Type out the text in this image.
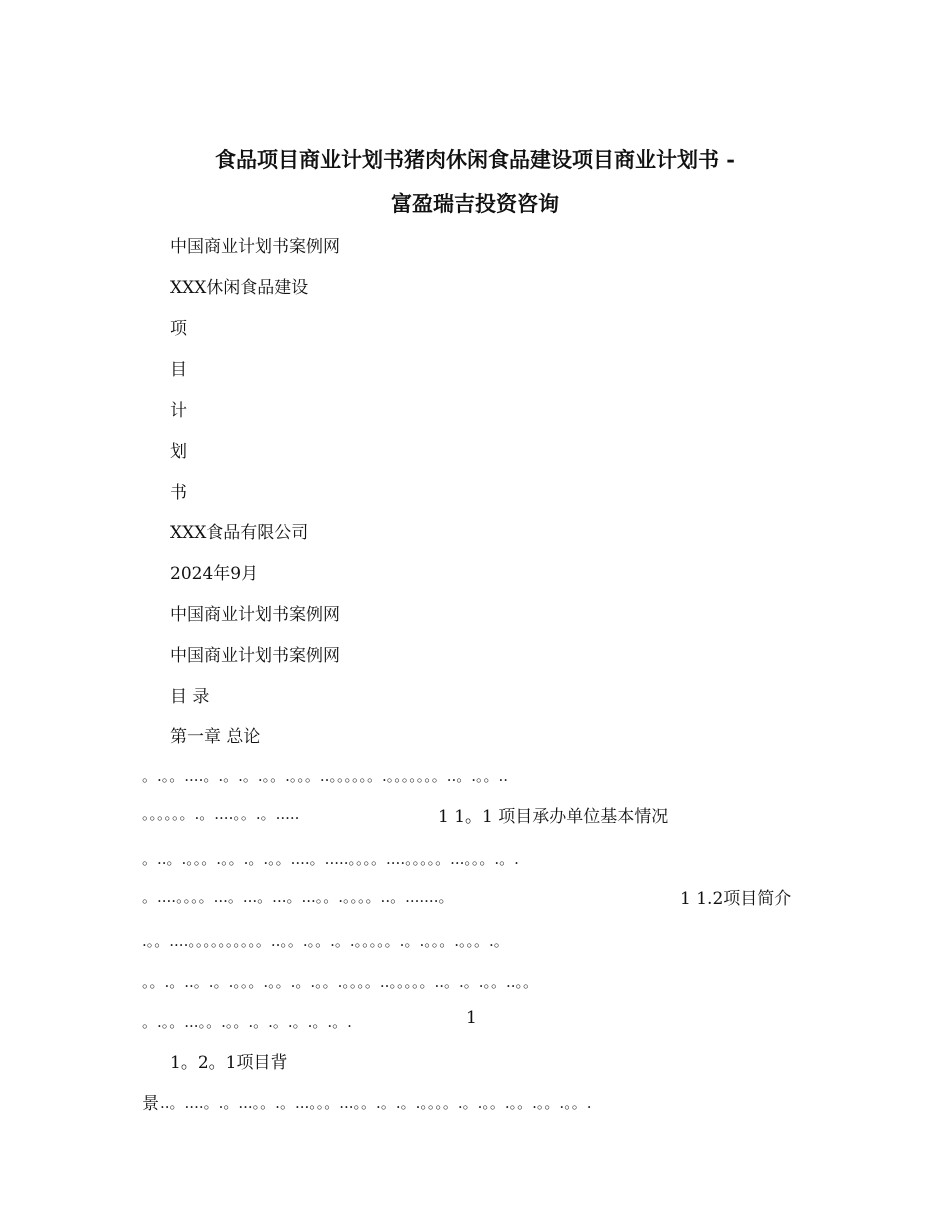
食品项目商业计划书猪肉休闲食品建设项目商业计划书 -
富盈瑞吉投资咨询
中国商业计划书案例网
XXX休闲食品建设
项
目
计
划
书
XXX食品有限公司
2024年9月
中国商业计划书案例网
中国商业计划书案例网
目 录
第一章 总论
。.。。....。.。.。.。。.。。。..。。。。。。.。。。。。。。..。.。。..
。。。。。。.。....。。.。.....	1 1。1 项目承办单位基本情况
。..。.。。。.。。.。.。。....。.....。。。。....。。。。。...。。。.。.
。....。。。。...。...。...。...。。.。。。。..。.......。	1 1.2项目简介
.。。....。。。。。。。。。。..。。.。。.。.。。。。。.。.。。。.。。。.。
。。.。..。.。.。。。.。。.。.。。.。。。。..。。。。。..。.。.。。..。。
。.。。...。。.。。.。.。.。.。.。.	1
1。2。1项目背
景 ..。....。.。...。。.。...。。。...。。.。.。.。。。。.。.。。.。。.。。.。。.
